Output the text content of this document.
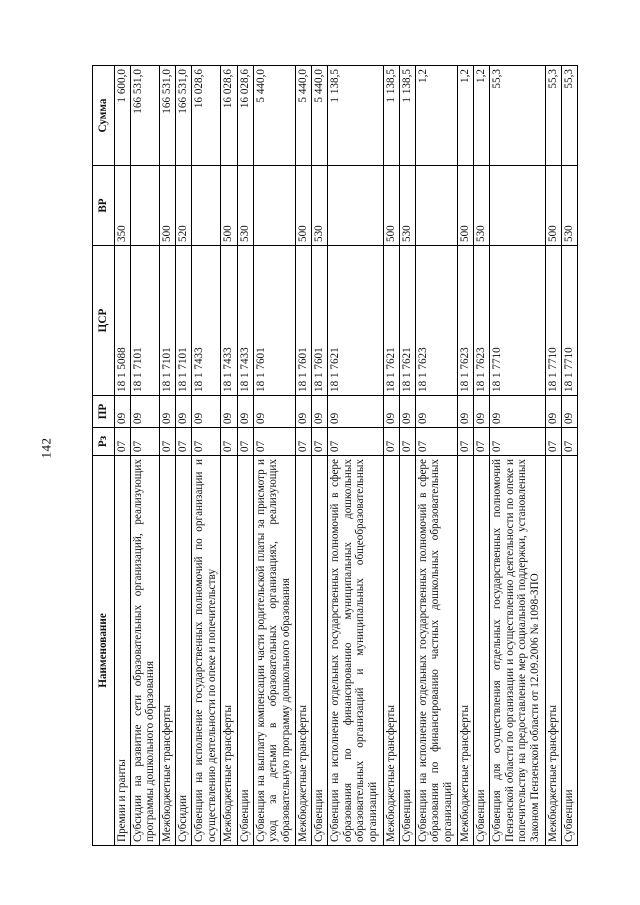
142
Наименование	Рз	ПР	ЦСР	ВР	Сумма
Премии и гранты	07	09	18 1 5088	350	1 600,0
Субсидии на развитие сети образовательных организаций, реализующих программы дошкольного образования	07	09	18 1 7101		166 531,0
Межбюджетные трансферты	07	09	18 1 7101	500	166 531,0
Субсидии	07	09	18 1 7101	520	166 531,0
Субвенции на исполнение государственных полномочий по организации и осуществлению деятельности по опеке и попечительству	07	09	18 1 7433		16 028,6
Межбюджетные трансферты	07	09	18 1 7433	500	16 028,6
Субвенции	07	09	18 1 7433	530	16 028,6
Субвенция на выплату компенсации части родительской платы за присмотр и уход за детьми в образовательных организациях, реализующих образовательную программу дошкольного образования	07	09	18 1 7601		5 440,0
Межбюджетные трансферты	07	09	18 1 7601	500	5 440,0
Субвенции	07	09	18 1 7601	530	5 440,0
Субвенции на исполнение отдельных государственных полномочий в сфере образования по финансированию муниципальных дошкольных образовательных организаций и муниципальных общеобразовательных организаций	07	09	18 1 7621		1 138,5
Межбюджетные трансферты	07	09	18 1 7621	500	1 138,5
Субвенции	07	09	18 1 7621	530	1 138,5
Субвенции на исполнение отдельных государственных полномочий в сфере образования по финансированию частных дошкольных образовательных организаций	07	09	18 1 7623		1,2
Межбюджетные трансферты	07	09	18 1 7623	500	1,2
Субвенции	07	09	18 1 7623	530	1,2
Субвенция для осуществления отдельных государственных полномочий Пензенской области по организации и осуществлению деятельности по опеке и попечительству на предоставление мер социальной поддержки, установленных Законом Пензенской области от 12.09.2006 № 1098-ЗПО	07	09	18 1 7710		55,3
Межбюджетные трансферты	07	09	18 1 7710	500	55,3
Субвенции	07	09	18 1 7710	530	55,3
